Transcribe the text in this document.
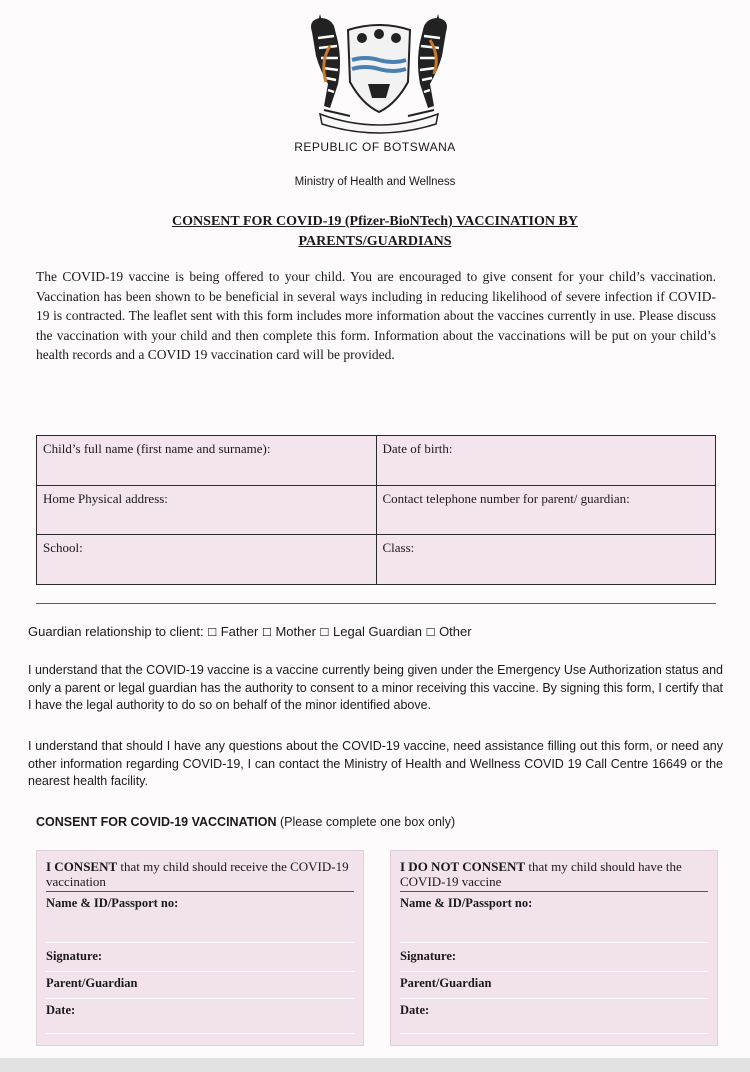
REPUBLIC OF BOTSWANA
Ministry of Health and Wellness
CONSENT FOR COVID-19 (Pfizer-BioNTech) VACCINATION BY
PARENTS/GUARDIANS
The COVID-19 vaccine is being offered to your child. You are encouraged to give consent for your child’s vaccination. Vaccination has been shown to be beneficial in several ways including in reducing likelihood of severe infection if COVID-19 is contracted. The leaflet sent with this form includes more information about the vaccines currently in use. Please discuss the vaccination with your child and then complete this form. Information about the vaccinations will be put on your child’s health records and a COVID 19 vaccination card will be provided.
Child’s full name (first name and surname):	Date of birth:
Home Physical address:	Contact telephone number for parent/ guardian:
School:	Class:
Guardian relationship to client: ☐ Father ☐ Mother ☐ Legal Guardian ☐ Other
I understand that the COVID-19 vaccine is a vaccine currently being given under the Emergency Use Authorization status and only a parent or legal guardian has the authority to consent to a minor receiving this vaccine. By signing this form, I certify that I have the legal authority to do so on behalf of the minor identified above.
I understand that should I have any questions about the COVID-19 vaccine, need assistance filling out this form, or need any other information regarding COVID-19, I can contact the Ministry of Health and Wellness COVID 19 Call Centre 16649 or the nearest health facility.
CONSENT FOR COVID-19 VACCINATION (Please complete one box only)
I CONSENT that my child should receive the COVID-19 vaccination
Name & ID/Passport no:
Signature:
Parent/Guardian
Date:
I DO NOT CONSENT that my child should have the COVID-19 vaccine
Name & ID/Passport no:
Signature:
Parent/Guardian
Date:
